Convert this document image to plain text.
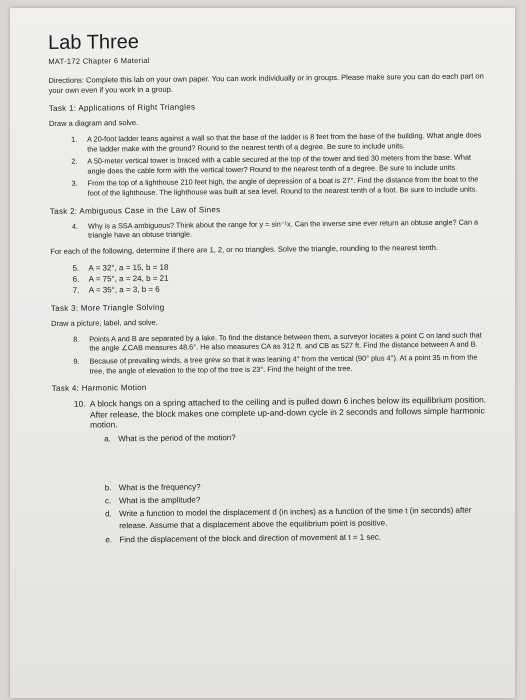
Lab Three
MAT-172 Chapter 6 Material
Directions: Complete this lab on your own paper. You can work individually or in groups. Please make sure you can do each part on your own even if you work in a group.
Task 1: Applications of Right Triangles
Draw a diagram and solve.
1. A 20-foot ladder leans against a wall so that the base of the ladder is 8 feet from the base of the building. What angle does the ladder make with the ground? Round to the nearest tenth of a degree. Be sure to include units.
2. A 50-meter vertical tower is braced with a cable secured at the top of the tower and tied 30 meters from the base. What angle does the cable form with the vertical tower? Round to the nearest tenth of a degree. Be sure to include units.
3. From the top of a lighthouse 210 feet high, the angle of depression of a boat is 27°. Find the distance from the boat to the foot of the lighthouse. The lighthouse was built at sea level. Round to the nearest tenth of a foot. Be sure to include units.
Task 2: Ambiguous Case in the Law of Sines
4. Why is a SSA ambiguous? Think about the range for y = sin⁻¹x. Can the inverse sine ever return an obtuse angle? Can a triangle have an obtuse triangle.
For each of the following, determine if there are 1, 2, or no triangles. Solve the triangle, rounding to the nearest tenth.
5. A = 32°, a = 15, b = 18
6. A = 75°, a = 24, b = 21
7. A = 35°, a = 3, b = 6
Task 3: More Triangle Solving
Draw a picture, label, and solve.
8. Points A and B are separated by a lake. To find the distance between them, a surveyor locates a point C on land such that the angle ∠CAB measures 48.6°. He also measures CA as 312 ft. and CB as 527 ft. Find the distance between A and B.
9. Because of prevailing winds, a tree grew so that it was leaning 4° from the vertical (90° plus 4°). At a point 35 m from the tree, the angle of elevation to the top of the tree is 23°. Find the height of the tree.
Task 4: Harmonic Motion
10. A block hangs on a spring attached to the ceiling and is pulled down 6 inches below its equilibrium position. After release, the block makes one complete up-and-down cycle in 2 seconds and follows simple harmonic motion.
a. What is the period of the motion?
b. What is the frequency?
c. What is the amplitude?
d. Write a function to model the displacement d (in inches) as a function of the time t (in seconds) after release. Assume that a displacement above the equilibrium point is positive.
e. Find the displacement of the block and direction of movement at t = 1 sec.
